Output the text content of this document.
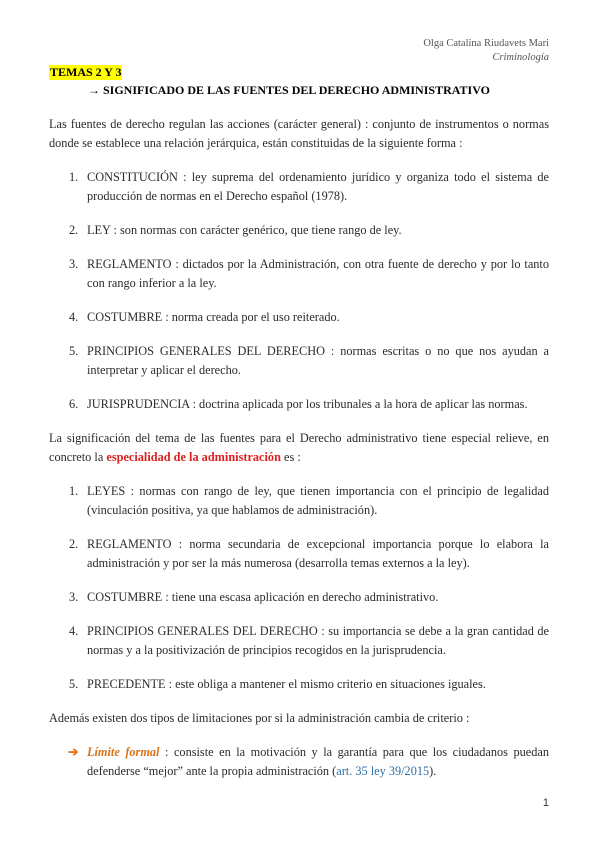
Olga Catalina Riudavets Mari
Criminología
TEMAS 2 Y 3
→ SIGNIFICADO DE LAS FUENTES DEL DERECHO ADMINISTRATIVO

Las fuentes de derecho regulan las acciones (carácter general) : conjunto de instrumentos o normas donde se establece una relación jerárquica, están constituidas de la siguiente forma :

1. CONSTITUCIÓN : ley suprema del ordenamiento jurídico y organiza todo el sistema de producción de normas en el Derecho español (1978).
2. LEY : son normas con carácter genérico, que tiene rango de ley.
3. REGLAMENTO : dictados por la Administración, con otra fuente de derecho y por lo tanto con rango inferior a la ley.
4. COSTUMBRE : norma creada por el uso reiterado.
5. PRINCIPIOS GENERALES DEL DERECHO : normas escritas o no que nos ayudan a interpretar y aplicar el derecho.
6. JURISPRUDENCIA : doctrina aplicada por los tribunales a la hora de aplicar las normas.

La significación del tema de las fuentes para el Derecho administrativo tiene especial relieve, en concreto la especialidad de la administración es :

1. LEYES : normas con rango de ley, que tienen importancia con el principio de legalidad (vinculación positiva, ya que hablamos de administración).
2. REGLAMENTO : norma secundaria de excepcional importancia porque lo elabora la administración y por ser la más numerosa (desarrolla temas externos a la ley).
3. COSTUMBRE : tiene una escasa aplicación en derecho administrativo.
4. PRINCIPIOS GENERALES DEL DERECHO : su importancia se debe a la gran cantidad de normas y a la positivización de principios recogidos en la jurisprudencia.
5. PRECEDENTE : este obliga a mantener el mismo criterio en situaciones iguales.

Además existen dos tipos de limitaciones por si la administración cambia de criterio :

➔ Límite formal : consiste en la motivación y la garantía para que los ciudadanos puedan defenderse “mejor” ante la propia administración (art. 35 ley 39/2015).
1
